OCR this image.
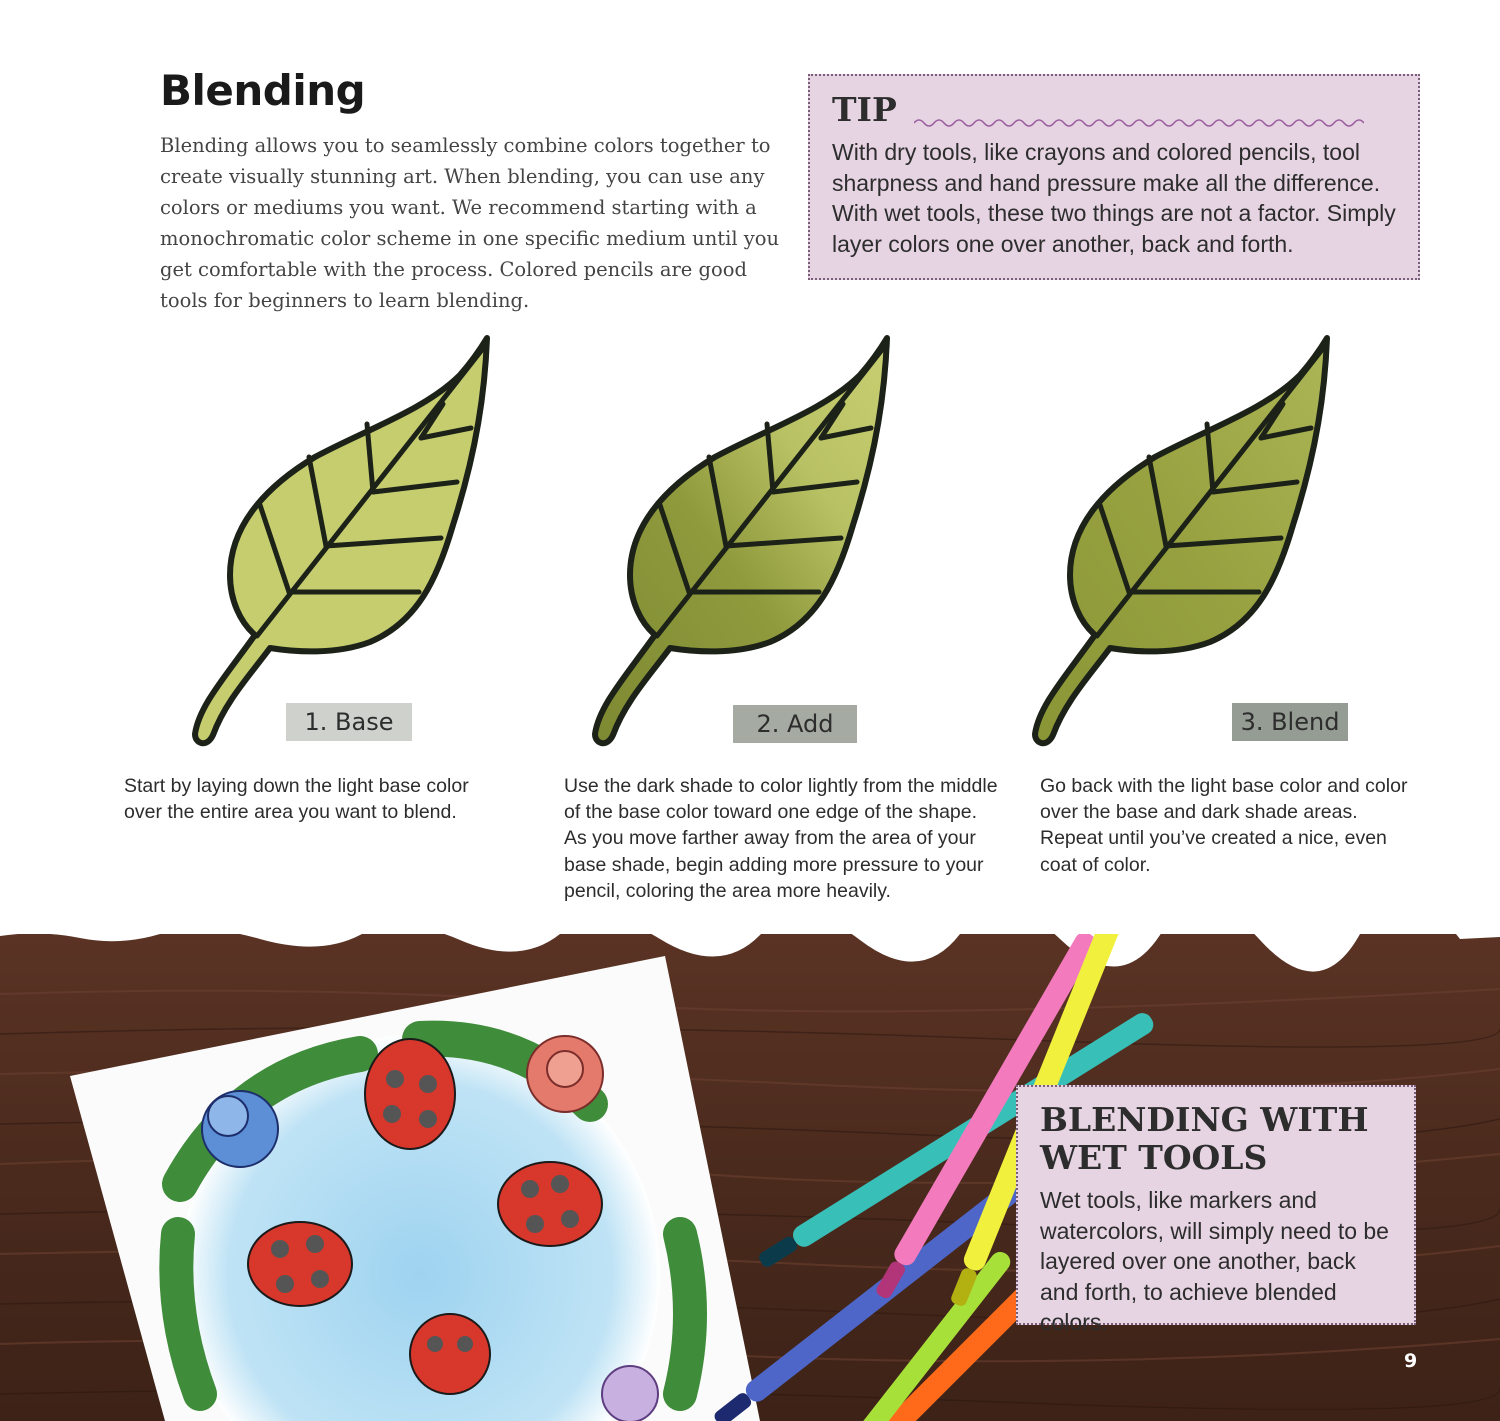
Blending

Blending allows you to seamlessly combine colors together to create visually stunning art. When blending, you can use any colors or mediums you want. We recommend starting with a monochromatic color scheme in one specific medium until you get comfortable with the process. Colored pencils are good tools for beginners to learn blending.

TIP
With dry tools, like crayons and colored pencils, tool sharpness and hand pressure make all the difference. With wet tools, these two things are not a factor. Simply layer colors one over another, back and forth.
1. Base	2. Add	3. Blend

Start by laying down the light base color over the entire area you want to blend.

Use the dark shade to color lightly from the middle of the base color toward one edge of the shape. As you move farther away from the area of your base shade, begin adding more pressure to your pencil, coloring the area more heavily.

Go back with the light base color and color over the base and dark shade areas. Repeat until you’ve created a nice, even coat of color.

BLENDING WITH WET TOOLS
Wet tools, like markers and watercolors, will simply need to be layered over one another, back and forth, to achieve blended colors.
9
